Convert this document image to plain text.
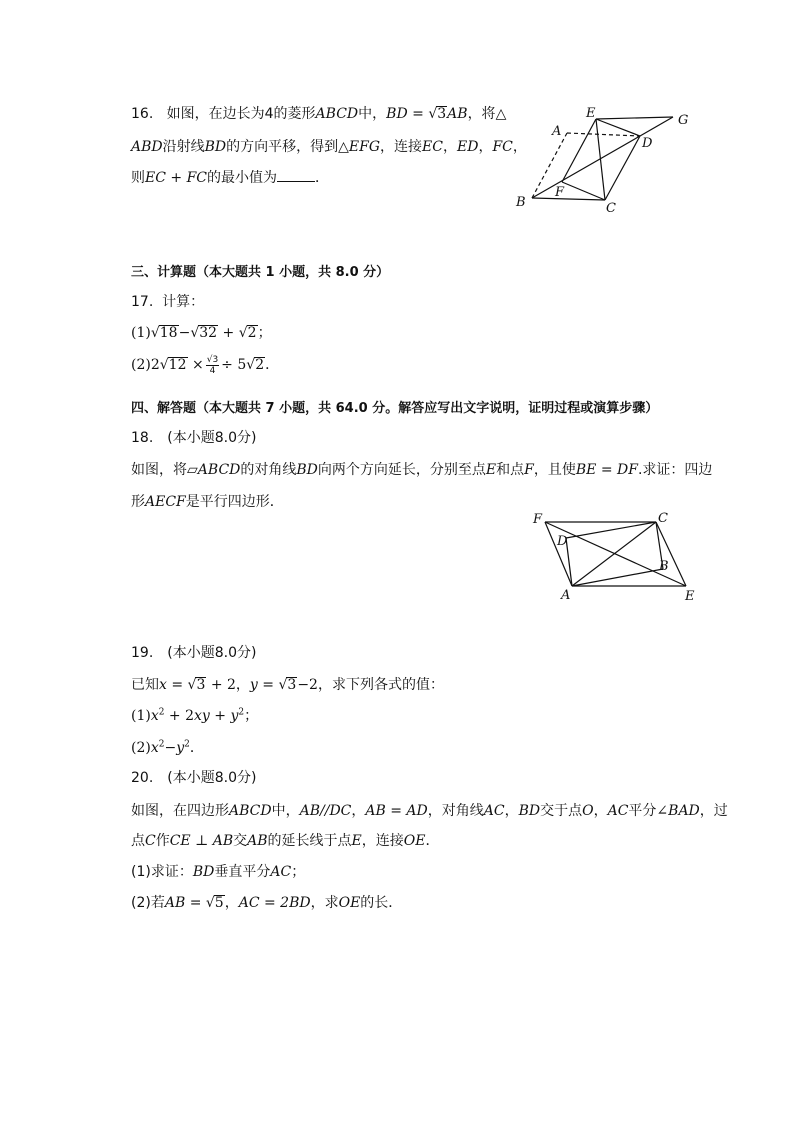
16. 如图，在边长为4的菱形ABCD中，BD = √3AB，将△
ABD沿射线BD的方向平移，得到△EFG，连接EC，ED，FC，
则EC + FC的最小值为	．
A
B	C
D
E
F
G
三、计算题（本大题共 1 小题，共 8.0 分）
17. 计算：
(1)√18−√32 + √2；
$(2)2√12 \times \frac{√3}{4} \div 5√2$．
四、解答题（本大题共 7 小题，共 64.0 分。解答应写出文字说明，证明过程或演算步骤）
18.　(本小题8.0分)
如图，将▱ABCD的对角线BD向两个方向延长，分别至点E和点F，且使BE = DF.求证：四边
形AECF是平行四边形．
F	C
D
B
A	E
19.　(本小题8.0分)
已知x = √3 + 2，y = √3−2，求下列各式的值：
$(1)x^2 + 2xy + y^2$；
$(2)x^2-y^2$．
20.　(本小题8.0分)
如图，在四边形ABCD中，AB//DC，AB = AD，对角线AC，BD交于点O，AC平分∠BAD，过
点C作CE ⊥ AB交AB的延长线于点E，连接OE．
(1)求证：BD垂直平分AC；
(2)若AB = √5，AC = 2BD，求OE的长．
